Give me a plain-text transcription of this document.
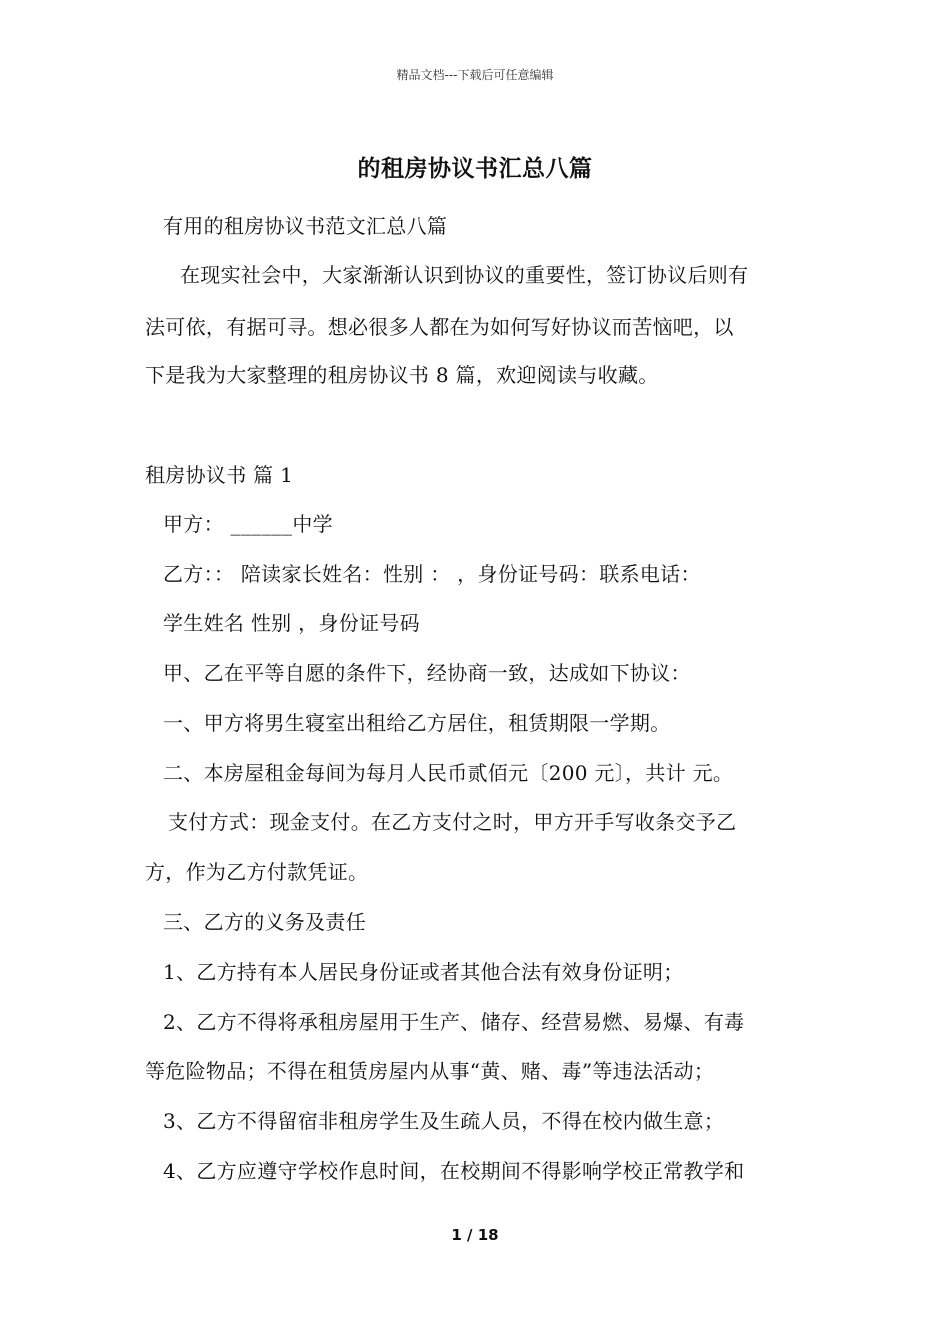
精品文档---下载后可任意编辑
的租房协议书汇总八篇
有用的租房协议书范文汇总八篇
在现实社会中，大家渐渐认识到协议的重要性，签订协议后则有
法可依，有据可寻。想必很多人都在为如何写好协议而苦恼吧，以
下是我为大家整理的租房协议书 8 篇，欢迎阅读与收藏。
租房协议书 篇 1
甲方： ______中学
乙方：： 陪读家长姓名：性别 ： ，身份证号码：联系电话：
学生姓名 性别 ，身份证号码
甲、乙在平等自愿的条件下，经协商一致，达成如下协议：
一、甲方将男生寝室出租给乙方居住，租赁期限一学期。
二、本房屋租金每间为每月人民币贰佰元〔200 元〕，共计 元。
支付方式：现金支付。在乙方支付之时，甲方开手写收条交予乙
方，作为乙方付款凭证。
三、乙方的义务及责任
1、乙方持有本人居民身份证或者其他合法有效身份证明；
2、乙方不得将承租房屋用于生产、储存、经营易燃、易爆、有毒
等危险物品；不得在租赁房屋内从事“黄、赌、毒”等违法活动；
3、乙方不得留宿非租房学生及生疏人员，不得在校内做生意；
4、乙方应遵守学校作息时间，在校期间不得影响学校正常教学和
1 / 18
